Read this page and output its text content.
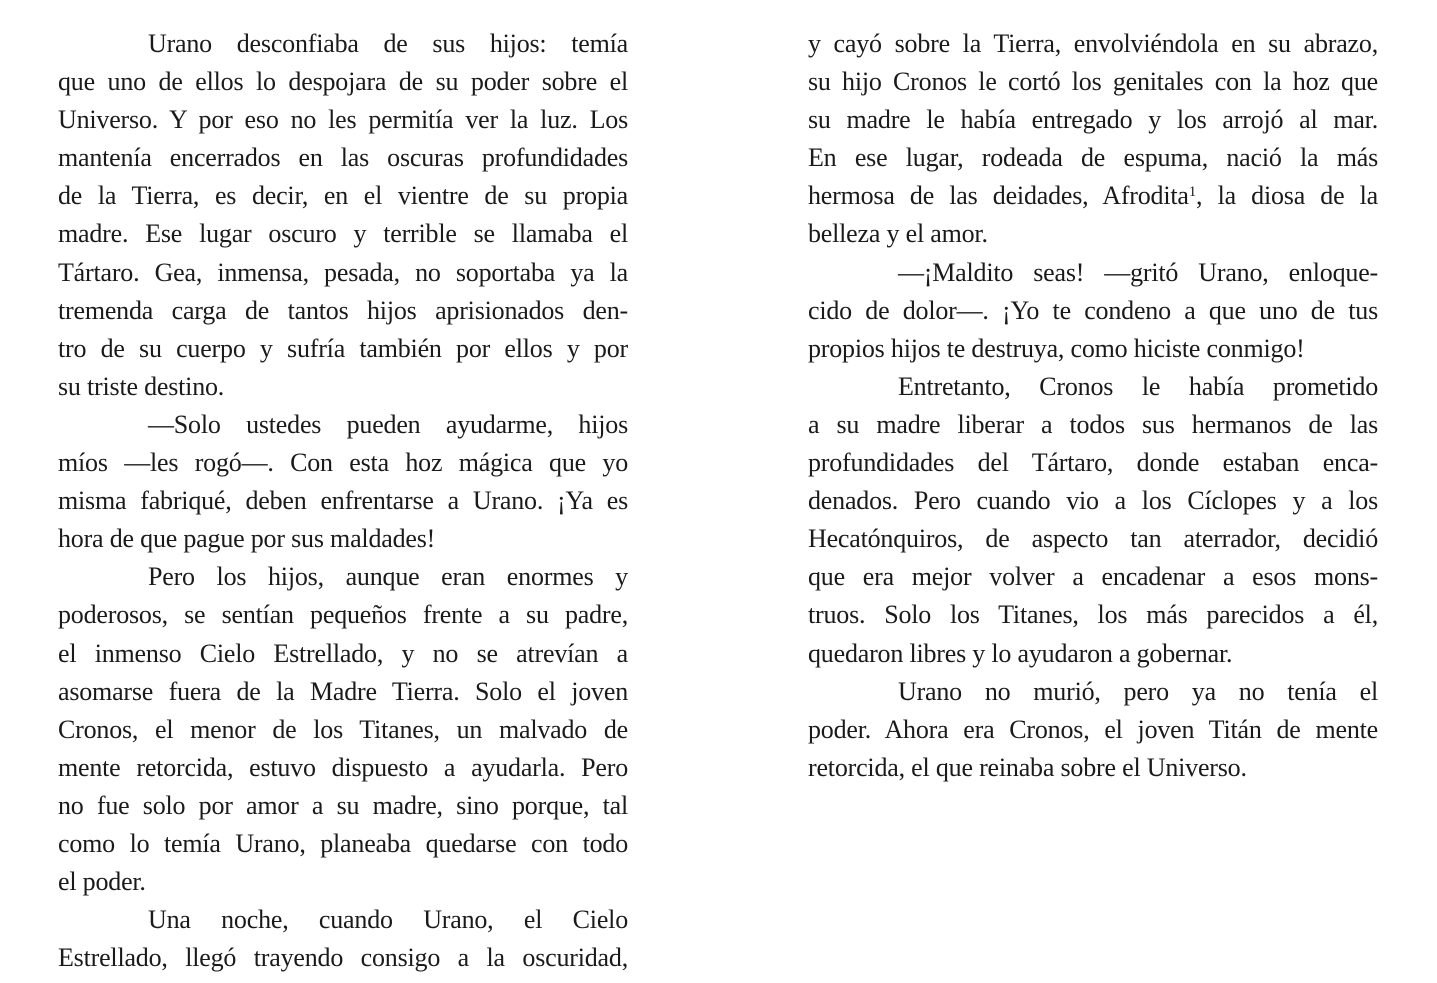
Urano desconfiaba de sus hijos: temía
que uno de ellos lo despojara de su poder sobre el
Universo. Y por eso no les permitía ver la luz. Los
mantenía encerrados en las oscuras profundidades
de la Tierra, es decir, en el vientre de su propia
madre. Ese lugar oscuro y terrible se llamaba el
Tártaro. Gea, inmensa, pesada, no soportaba ya la
tremenda carga de tantos hijos aprisionados den-
tro de su cuerpo y sufría también por ellos y por
su triste destino.
—Solo ustedes pueden ayudarme, hijos
míos —les rogó—. Con esta hoz mágica que yo
misma fabriqué, deben enfrentarse a Urano. ¡Ya es
hora de que pague por sus maldades!
Pero los hijos, aunque eran enormes y
poderosos, se sentían pequeños frente a su padre,
el inmenso Cielo Estrellado, y no se atrevían a
asomarse fuera de la Madre Tierra. Solo el joven
Cronos, el menor de los Titanes, un malvado de
mente retorcida, estuvo dispuesto a ayudarla. Pero
no fue solo por amor a su madre, sino porque, tal
como lo temía Urano, planeaba quedarse con todo
el poder.
Una noche, cuando Urano, el Cielo
Estrellado, llegó trayendo consigo a la oscuridad,
y cayó sobre la Tierra, envolviéndola en su abrazo,
su hijo Cronos le cortó los genitales con la hoz que
su madre le había entregado y los arrojó al mar.
En ese lugar, rodeada de espuma, nació la más
hermosa de las deidades, Afrodita$^1$, la diosa de la
belleza y el amor.
—¡Maldito seas! —gritó Urano, enloque-
cido de dolor—. ¡Yo te condeno a que uno de tus
propios hijos te destruya, como hiciste conmigo!
Entretanto, Cronos le había prometido
a su madre liberar a todos sus hermanos de las
profundidades del Tártaro, donde estaban enca-
denados. Pero cuando vio a los Cíclopes y a los
Hecatónquiros, de aspecto tan aterrador, decidió
que era mejor volver a encadenar a esos mons-
truos. Solo los Titanes, los más parecidos a él,
quedaron libres y lo ayudaron a gobernar.
Urano no murió, pero ya no tenía el
poder. Ahora era Cronos, el joven Titán de mente
retorcida, el que reinaba sobre el Universo.
